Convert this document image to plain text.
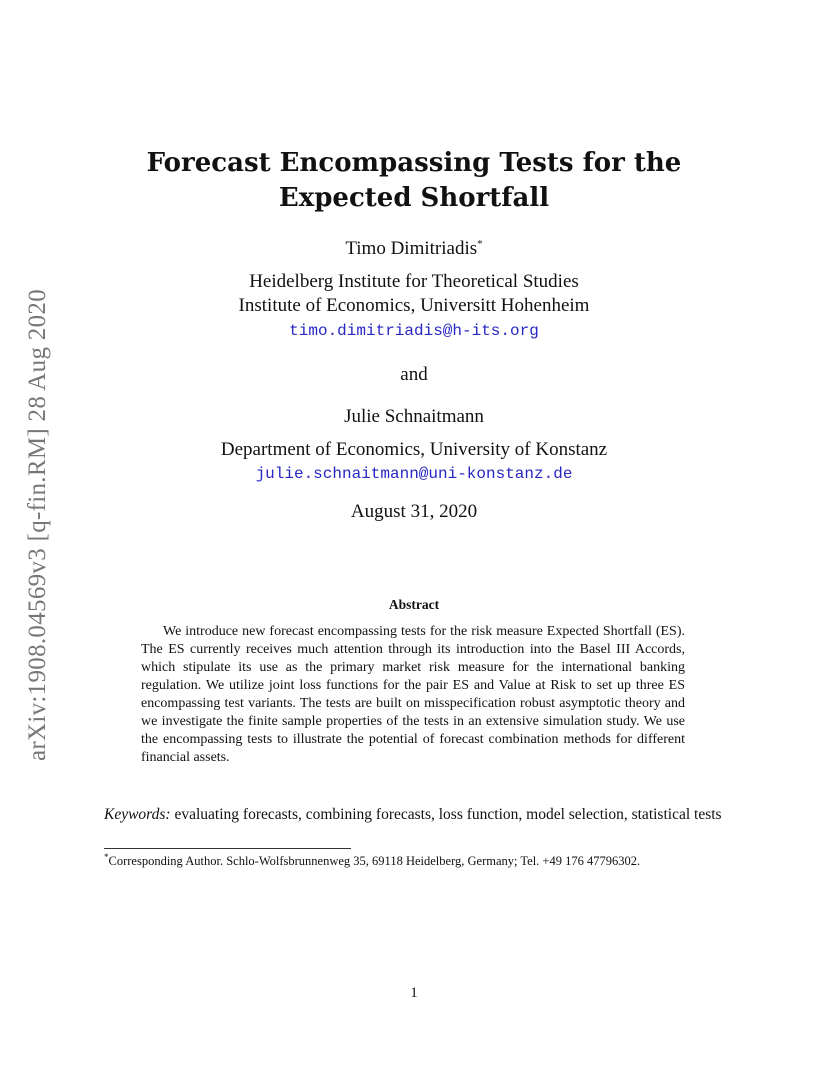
arXiv:1908.04569v3 [q-fin.RM] 28 Aug 2020
Forecast Encompassing Tests for the
Expected Shortfall
Timo Dimitriadis*
Heidelberg Institute for Theoretical Studies
Institute of Economics, Universitt Hohenheim
timo.dimitriadis@h-its.org
and
Julie Schnaitmann
Department of Economics, University of Konstanz
julie.schnaitmann@uni-konstanz.de
August 31, 2020
Abstract

We introduce new forecast encompassing tests for the risk measure Expected Shortfall (ES). The ES currently receives much attention through its introduction into the Basel III Accords, which stipulate its use as the primary market risk measure for the international banking regulation. We utilize joint loss functions for the pair ES and Value at Risk to set up three ES encompassing test variants. The tests are built on misspecification robust asymptotic theory and we investigate the finite sample properties of the tests in an extensive simulation study. We use the encompassing tests to illustrate the potential of forecast combination methods for different financial assets.

Keywords: evaluating forecasts, combining forecasts, loss function, model selection, statistical tests

*Corresponding Author. Schlo-Wolfsbrunnenweg 35, 69118 Heidelberg, Germany; Tel. +49 176 47796302.

1
